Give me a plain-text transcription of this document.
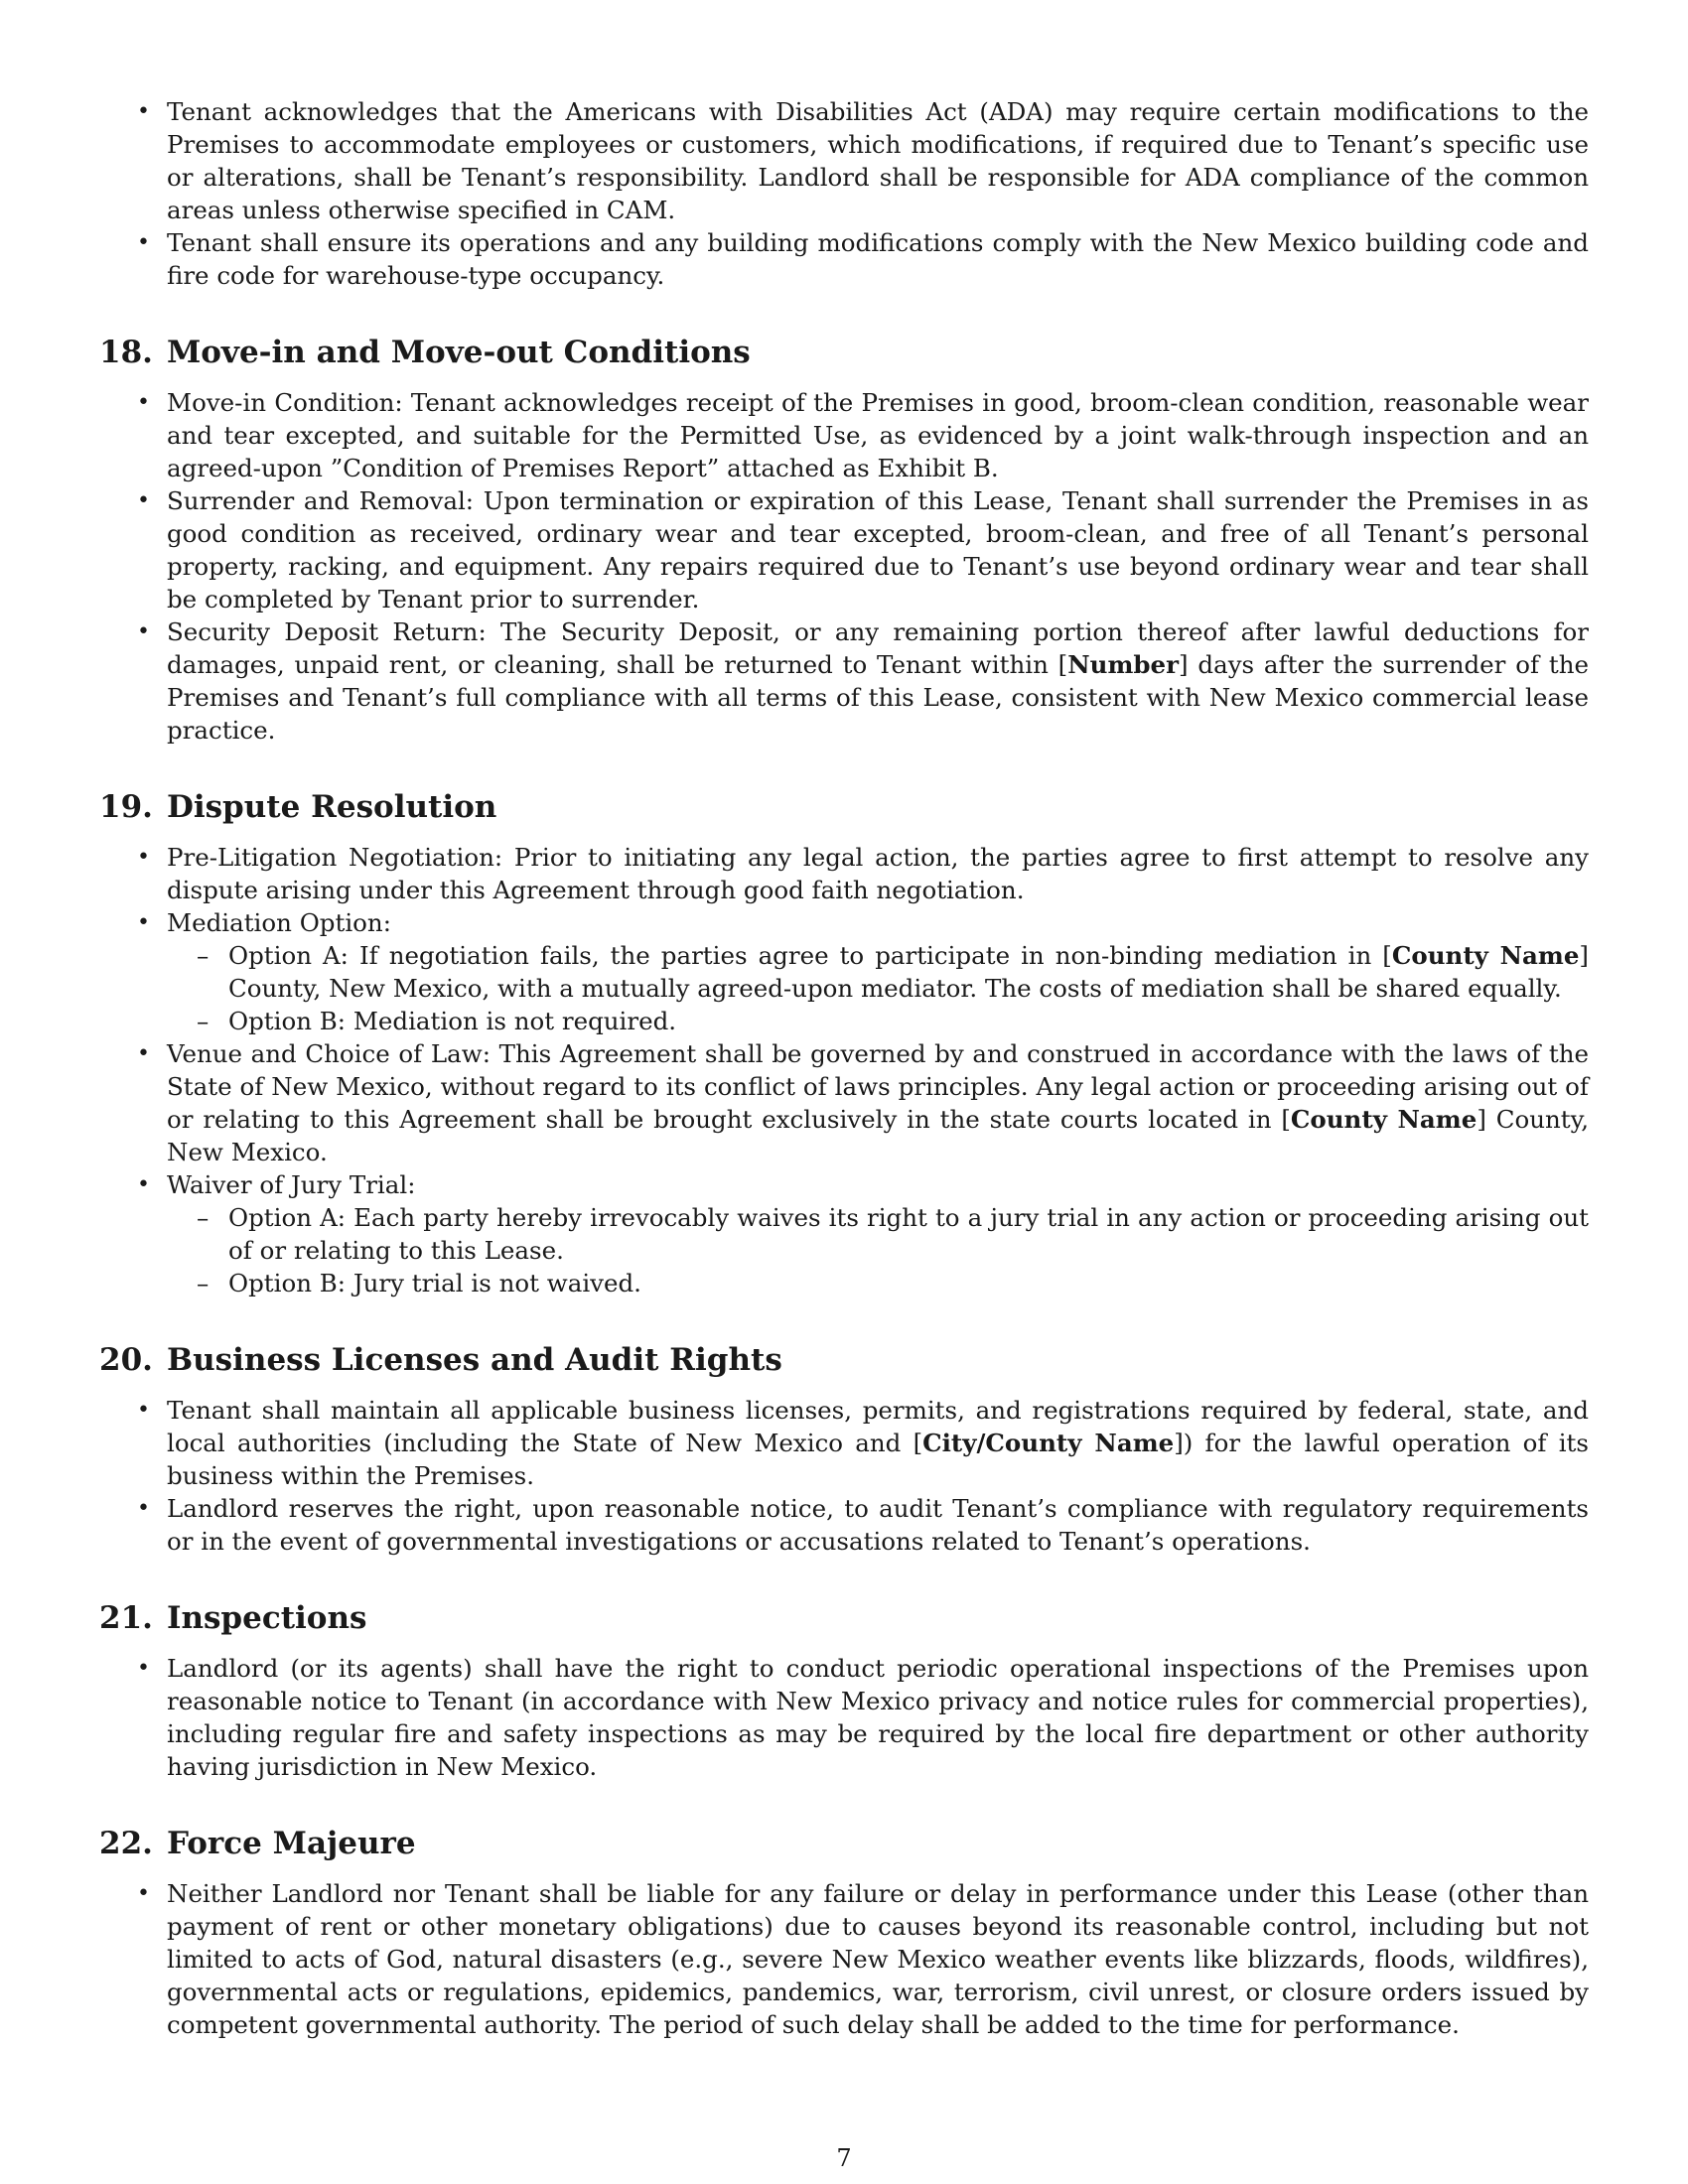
• Tenant acknowledges that the Americans with Disabilities Act (ADA) may require certain modifications to the Premises to accommodate employees or customers, which modifications, if required due to Tenant’s specific use or alterations, shall be Tenant’s responsibility. Landlord shall be responsible for ADA compliance of the common areas unless otherwise specified in CAM.
• Tenant shall ensure its operations and any building modifications comply with the New Mexico building code and fire code for warehouse-type occupancy.
18. Move-in and Move-out Conditions
• Move-in Condition: Tenant acknowledges receipt of the Premises in good, broom-clean condition, reasonable wear and tear excepted, and suitable for the Permitted Use, as evidenced by a joint walk-through inspection and an agreed-upon ”Condition of Premises Report” attached as Exhibit B.
• Surrender and Removal: Upon termination or expiration of this Lease, Tenant shall surrender the Premises in as good condition as received, ordinary wear and tear excepted, broom-clean, and free of all Tenant’s personal property, racking, and equipment. Any repairs required due to Tenant’s use beyond ordinary wear and tear shall be completed by Tenant prior to surrender.
• Security Deposit Return: The Security Deposit, or any remaining portion thereof after lawful deductions for damages, unpaid rent, or cleaning, shall be returned to Tenant within [Number] days after the surrender of the Premises and Tenant’s full compliance with all terms of this Lease, consistent with New Mexico commercial lease practice.
19. Dispute Resolution
• Pre-Litigation Negotiation: Prior to initiating any legal action, the parties agree to first attempt to resolve any dispute arising under this Agreement through good faith negotiation.
• Mediation Option:
– Option A: If negotiation fails, the parties agree to participate in non-binding mediation in [County Name] County, New Mexico, with a mutually agreed-upon mediator. The costs of mediation shall be shared equally.
– Option B: Mediation is not required.
• Venue and Choice of Law: This Agreement shall be governed by and construed in accordance with the laws of the State of New Mexico, without regard to its conflict of laws principles. Any legal action or proceeding arising out of or relating to this Agreement shall be brought exclusively in the state courts located in [County Name] County, New Mexico.
• Waiver of Jury Trial:
– Option A: Each party hereby irrevocably waives its right to a jury trial in any action or proceeding arising out of or relating to this Lease.
– Option B: Jury trial is not waived.
20. Business Licenses and Audit Rights
• Tenant shall maintain all applicable business licenses, permits, and registrations required by federal, state, and local authorities (including the State of New Mexico and [City/County Name]) for the lawful operation of its business within the Premises.
• Landlord reserves the right, upon reasonable notice, to audit Tenant’s compliance with regulatory requirements or in the event of governmental investigations or accusations related to Tenant’s operations.
21. Inspections
• Landlord (or its agents) shall have the right to conduct periodic operational inspections of the Premises upon reasonable notice to Tenant (in accordance with New Mexico privacy and notice rules for commercial properties), including regular fire and safety inspections as may be required by the local fire department or other authority having jurisdiction in New Mexico.
22. Force Majeure
• Neither Landlord nor Tenant shall be liable for any failure or delay in performance under this Lease (other than payment of rent or other monetary obligations) due to causes beyond its reasonable control, including but not limited to acts of God, natural disasters (e.g., severe New Mexico weather events like blizzards, floods, wildfires), governmental acts or regulations, epidemics, pandemics, war, terrorism, civil unrest, or closure orders issued by competent governmental authority. The period of such delay shall be added to the time for performance.
7
